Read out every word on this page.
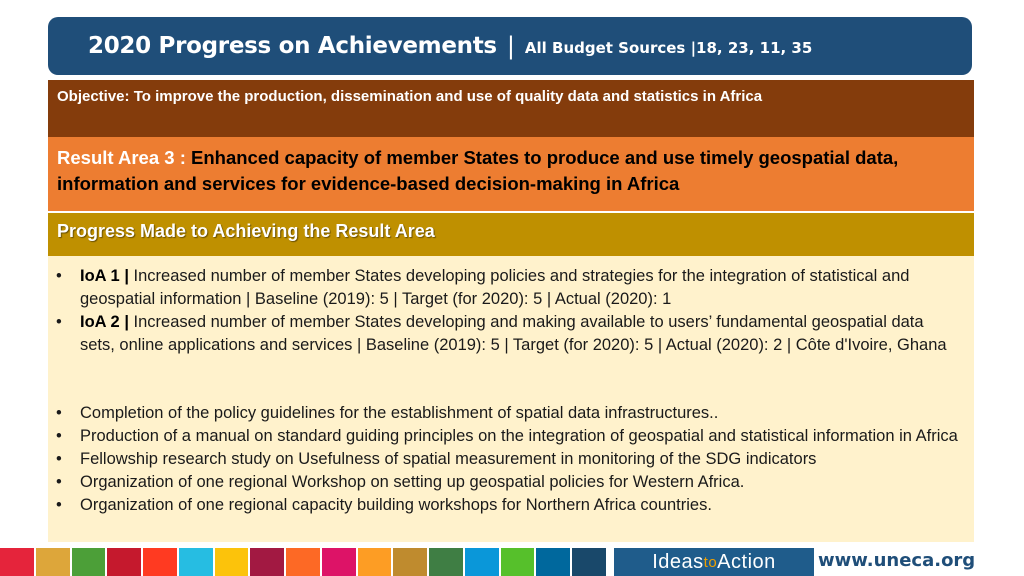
2020 Progress on Achievements | All Budget Sources |18, 23, 11, 35
Objective: To improve the production, dissemination and use of quality data and statistics in Africa
Result Area 3 : Enhanced capacity of member States to produce and use timely geospatial data, information and services for evidence-based decision-making in Africa
Progress Made to Achieving the Result Area
• IoA 1 | Increased number of member States developing policies and strategies for the integration of statistical and geospatial information | Baseline (2019): 5 | Target (for 2020): 5 | Actual (2020): 1
• IoA 2 | Increased number of member States developing and making available to users’ fundamental geospatial data sets, online applications and services | Baseline (2019): 5 | Target (for 2020): 5 | Actual (2020): 2 | Côte d'Ivoire, Ghana
• Completion of the policy guidelines for the establishment of spatial data infrastructures..
• Production of a manual on standard guiding principles on the integration of geospatial and statistical information in Africa
• Fellowship research study on Usefulness of spatial measurement in monitoring of the SDG indicators
• Organization of one regional Workshop on setting up geospatial policies for Western Africa.
• Organization of one regional capacity building workshops for Northern Africa countries.
Ideas to Action www.uneca.org
